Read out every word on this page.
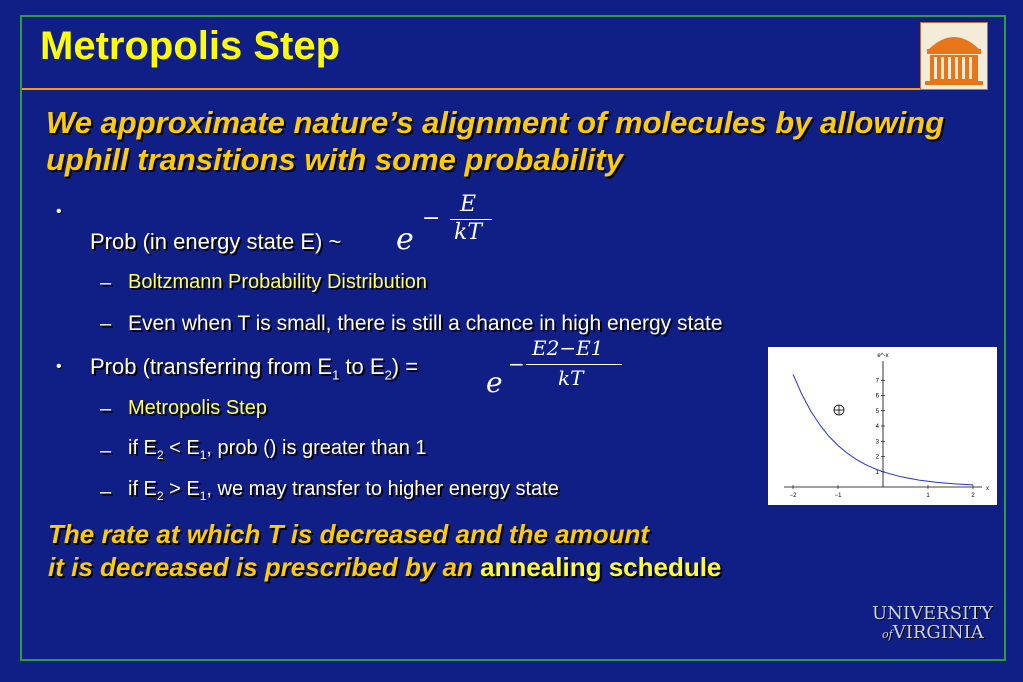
Metropolis Step
We approximate nature’s alignment of molecules by allowing uphill transitions with some probability
•
Prob (in energy state E) ~ e
−
E
kT
– Boltzmann Probability Distribution
– Even when T is small, there is still a chance in high energy state
• Prob (transferring from $E_1$ to $E_2) = e$
−
E2−E1
kT
– Metropolis Step
– if $E_2 < E_1$, prob () is greater than 1
– if $E_2 > E_1$, we may transfer to higher energy state
The rate at which T is decreased and the amount
it is decreased is prescribed by an annealing schedule
e^-x
−2	−1	1	2
x
1
2
3
4
5
6
7
UNIVERSITY
ofVIRGINIA
